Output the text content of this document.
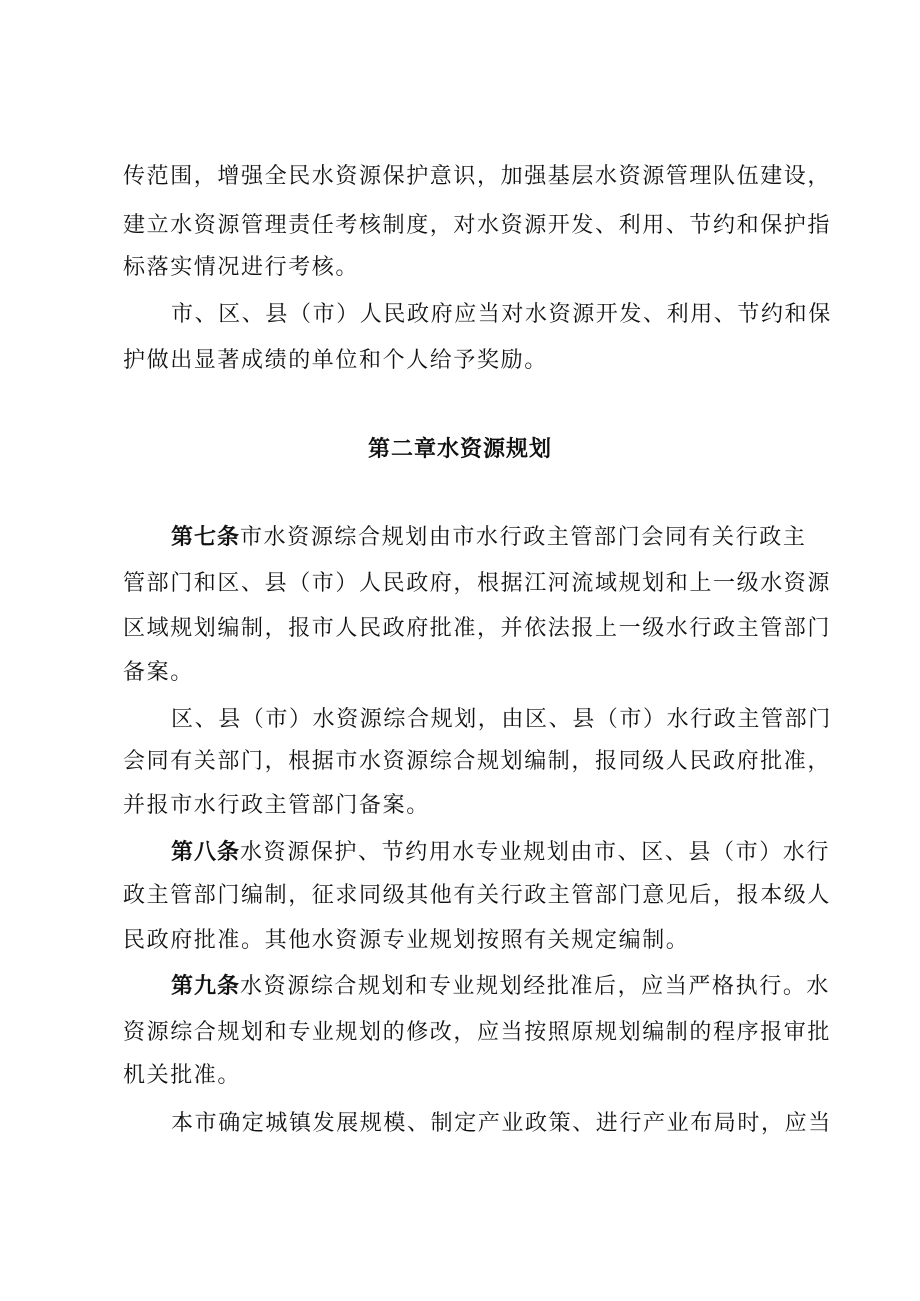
传范围，增强全民水资源保护意识，加强基层水资源管理队伍建设，
建立水资源管理责任考核制度，对水资源开发、利用、节约和保护指
标落实情况进行考核。
市、区、县（市）人民政府应当对水资源开发、利用、节约和保
护做出显著成绩的单位和个人给予奖励。
第二章水资源规划
第七条市水资源综合规划由市水行政主管部门会同有关行政主
管部门和区、县（市）人民政府，根据江河流域规划和上一级水资源
区域规划编制，报市人民政府批准，并依法报上一级水行政主管部门
备案。
区、县（市）水资源综合规划，由区、县（市）水行政主管部门
会同有关部门，根据市水资源综合规划编制，报同级人民政府批准，
并报市水行政主管部门备案。
第八条水资源保护、节约用水专业规划由市、区、县（市）水行
政主管部门编制，征求同级其他有关行政主管部门意见后，报本级人
民政府批准。其他水资源专业规划按照有关规定编制。
第九条水资源综合规划和专业规划经批准后，应当严格执行。水
资源综合规划和专业规划的修改，应当按照原规划编制的程序报审批
机关批准。
本市确定城镇发展规模、制定产业政策、进行产业布局时，应当
